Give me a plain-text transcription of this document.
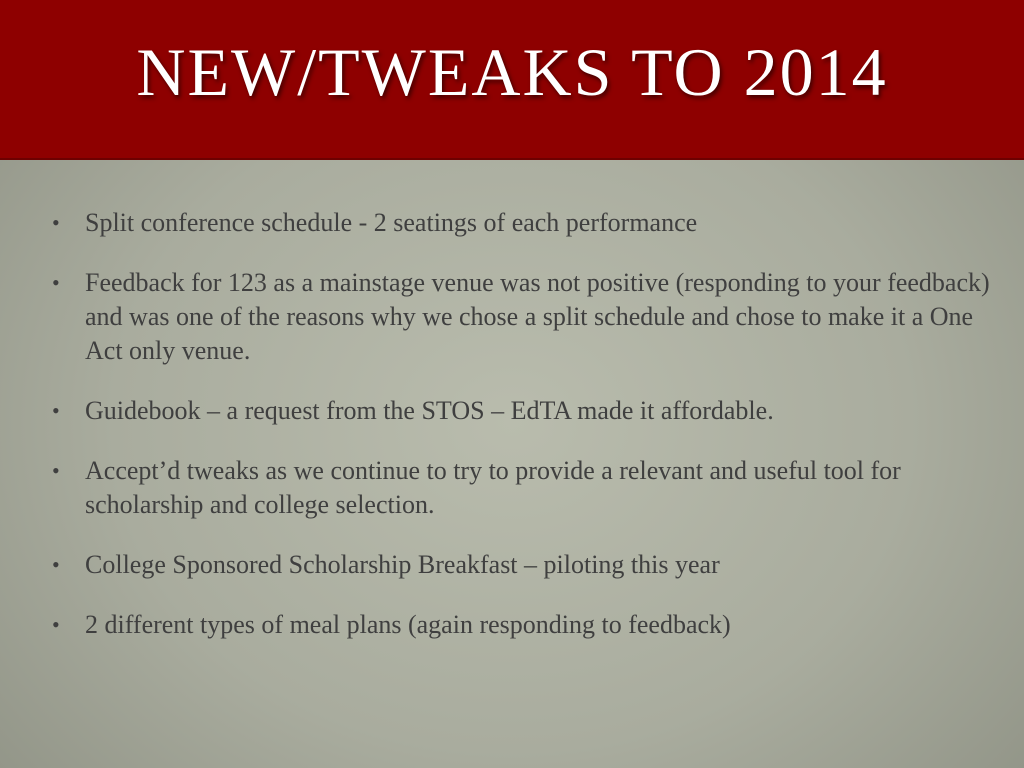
NEW/TWEAKS TO 2014
• Split conference schedule - 2 seatings of each performance
• Feedback for 123 as a mainstage venue was not positive (responding to your feedback) and was one of the reasons why we chose a split schedule and chose to make it a One Act only venue.
• Guidebook – a request from the STOS – EdTA made it affordable.
• Accept’d tweaks as we continue to try to provide a relevant and useful tool for scholarship and college selection.
• College Sponsored Scholarship Breakfast – piloting this year
• 2 different types of meal plans (again responding to feedback)
